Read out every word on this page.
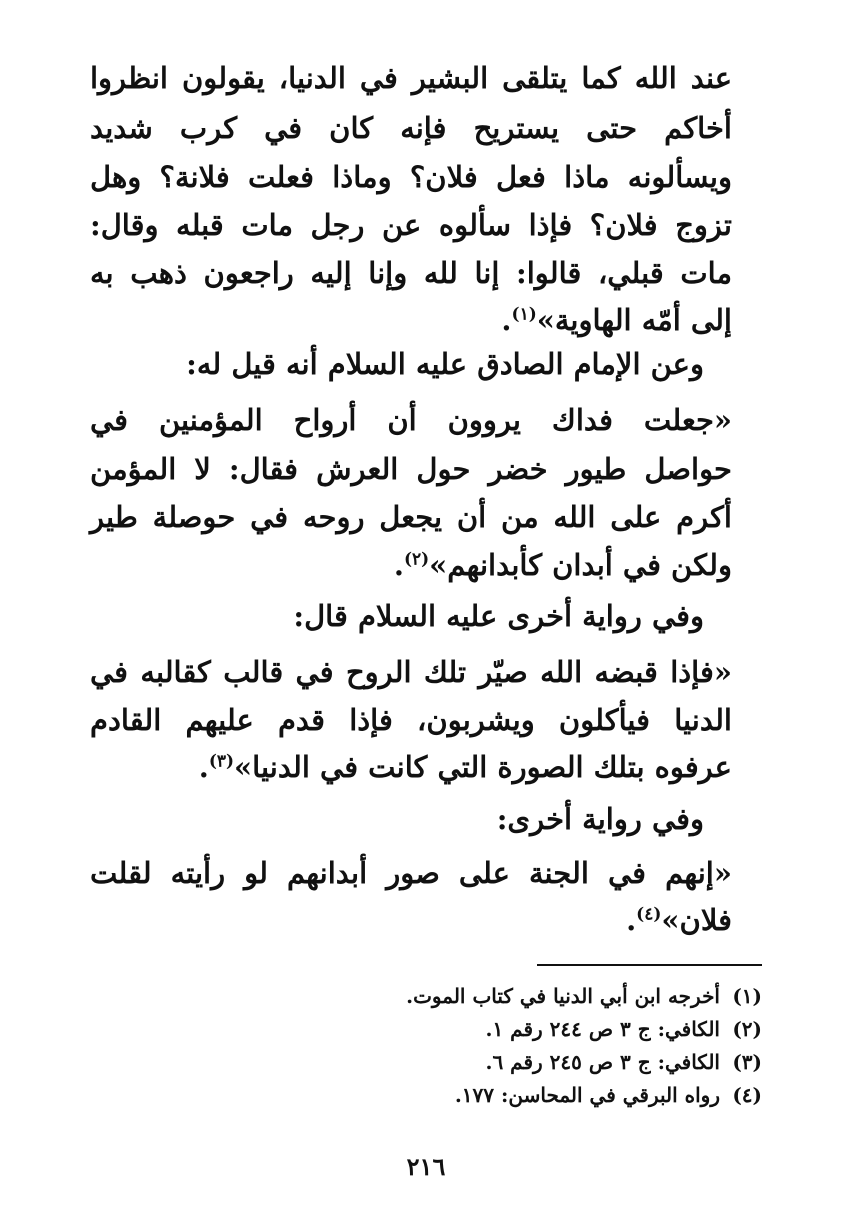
عند الله كما يتلقى البشير في الدنيا، يقولون انظروا
أخاكم حتى يستريح فإنه كان في كرب شديد
ويسألونه ماذا فعل فلان؟ وماذا فعلت فلانة؟ وهل
تزوج فلان؟ فإذا سألوه عن رجل مات قبله وقال:
مات قبلي، قالوا: إنا لله وإنا إليه راجعون ذهب به
إلى أمّه الهاوية»$^{(١)}$.
وعن الإمام الصادق عليه السلام أنه قيل له:
«جعلت فداك يروون أن أرواح المؤمنين في
حواصل طيور خضر حول العرش فقال: لا المؤمن
أكرم على الله من أن يجعل روحه في حوصلة طير
ولكن في أبدان كأبدانهم»$^{(٢)}$.
وفي رواية أخرى عليه السلام قال:
«فإذا قبضه الله صيّر تلك الروح في قالب كقالبه في
الدنيا فيأكلون ويشربون، فإذا قدم عليهم القادم
عرفوه بتلك الصورة التي كانت في الدنيا»$^{(٣)}$.
وفي رواية أخرى:
«إنهم في الجنة على صور أبدانهم لو رأيته لقلت
فلان»$^{(٤)}$.
(١)أخرجه ابن أبي الدنيا في كتاب الموت.
(٢)الكافي: ج ٣ ص ٢٤٤ رقم ١.
(٣)الكافي: ج ٣ ص ٢٤٥ رقم ٦.
(٤)رواه البرقي في المحاسن: ١٧٧.
٢١٦
